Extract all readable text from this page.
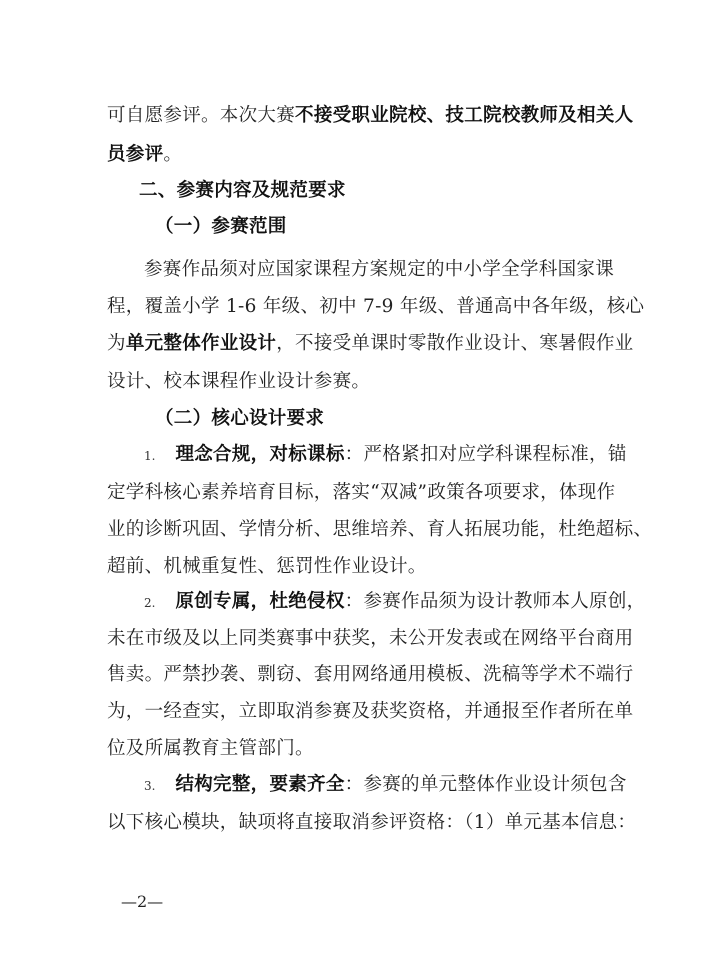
可自愿参评。本次大赛不接受职业院校、技工院校教师及相关人
员参评。
二、参赛内容及规范要求
（一）参赛范围
参赛作品须对应国家课程方案规定的中小学全学科国家课
程，覆盖小学 1-6 年级、初中 7-9 年级、普通高中各年级，核心
为单元整体作业设计，不接受单课时零散作业设计、寒暑假作业
设计、校本课程作业设计参赛。
（二）核心设计要求
1. 理念合规，对标课标：严格紧扣对应学科课程标准，锚
定学科核心素养培育目标，落实“双减”政策各项要求，体现作
业的诊断巩固、学情分析、思维培养、育人拓展功能，杜绝超标、
超前、机械重复性、惩罚性作业设计。
2. 原创专属，杜绝侵权：参赛作品须为设计教师本人原创，
未在市级及以上同类赛事中获奖，未公开发表或在网络平台商用
售卖。严禁抄袭、剽窃、套用网络通用模板、洗稿等学术不端行
为，一经查实，立即取消参赛及获奖资格，并通报至作者所在单
位及所属教育主管部门。
3. 结构完整，要素齐全：参赛的单元整体作业设计须包含
以下核心模块，缺项将直接取消参评资格：（1）单元基本信息：
—2—
